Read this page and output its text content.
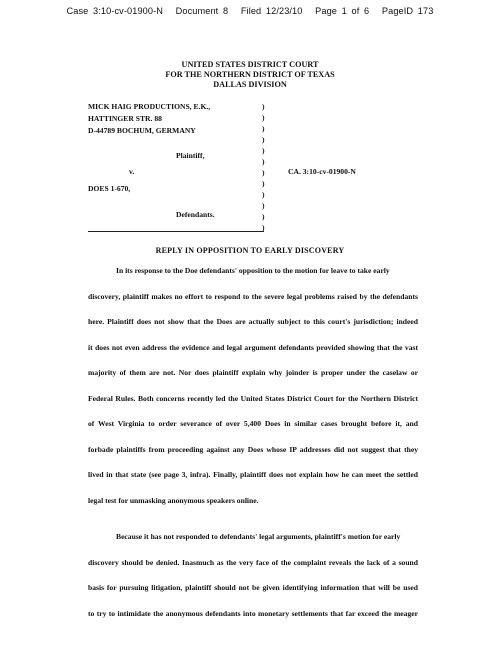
Case 3:10-cv-01900-N Document 8 Filed 12/23/10 Page 1 of 6 PageID 173
UNITED STATES DISTRICT COURT
FOR THE NORTHERN DISTRICT OF TEXAS
DALLAS DIVISION
MICK HAIG PRODUCTIONS, E.K.,
HATTINGER STR. 88
D-44789 BOCHUM, GERMANY
Plaintiff,
v.
DOES 1-670,
Defendants.
)
)
)
)
)
)
)
)
)
)
)
)
CA. 3:10-cv-01900-N
REPLY IN OPPOSITION TO EARLY DISCOVERY
In its response to the Doe defendants' opposition to the motion for leave to take early
discovery, plaintiff makes no effort to respond to the severe legal problems raised by the defendants
here. Plaintiff does not show that the Does are actually subject to this court's jurisdiction; indeed
it does not even address the evidence and legal argument defendants provided showing that the vast
majority of them are not. Nor does plaintiff explain why joinder is proper under the caselaw or
Federal Rules. Both concerns recently led the United States District Court for the Northern District
of West Virginia to order severance of over 5,400 Does in similar cases brought before it, and
forbade plaintiffs from proceeding against any Does whose IP addresses did not suggest that they
lived in that state (see page 3, infra). Finally, plaintiff does not explain how he can meet the settled
legal test for unmasking anonymous speakers online.
Because it has not responded to defendants' legal arguments, plaintiff's motion for early
discovery should be denied. Inasmuch as the very face of the complaint reveals the lack of a sound
basis for pursuing litigation, plaintiff should not be given identifying information that will be used
to try to intimidate the anonymous defendants into monetary settlements that far exceed the meager
